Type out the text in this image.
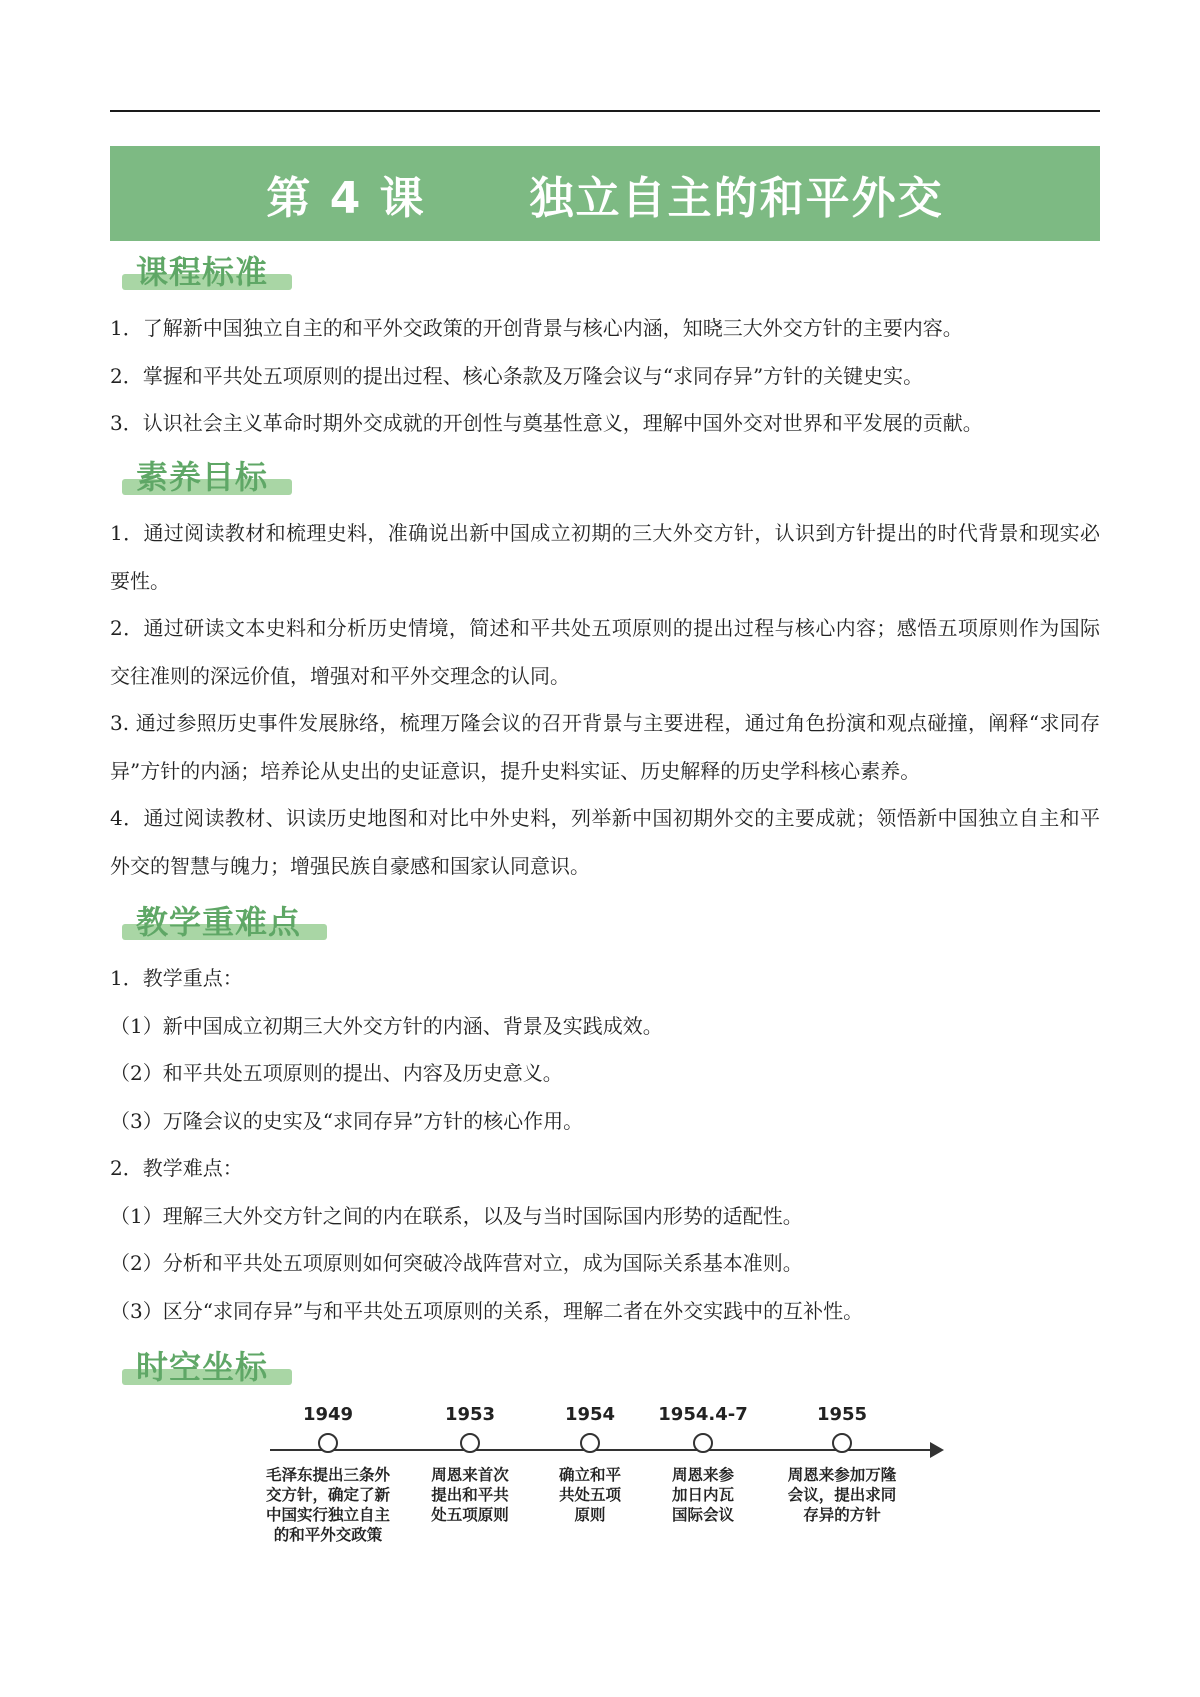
第 4 课      独立自主的和平外交
课程标准

1．了解新中国独立自主的和平外交政策的开创背景与核心内涵，知晓三大外交方针的主要内容。

2．掌握和平共处五项原则的提出过程、核心条款及万隆会议与“求同存异”方针的关键史实。

3．认识社会主义革命时期外交成就的开创性与奠基性意义，理解中国外交对世界和平发展的贡献。

素养目标

1．通过阅读教材和梳理史料，准确说出新中国成立初期的三大外交方针，认识到方针提出的时代背景和现实必要性。

2．通过研读文本史料和分析历史情境，简述和平共处五项原则的提出过程与核心内容；感悟五项原则作为国际交往准则的深远价值，增强对和平外交理念的认同。

3. 通过参照历史事件发展脉络，梳理万隆会议的召开背景与主要进程，通过角色扮演和观点碰撞，阐释“求同存异”方针的内涵；培养论从史出的史证意识，提升史料实证、历史解释的历史学科核心素养。

4．通过阅读教材、识读历史地图和对比中外史料，列举新中国初期外交的主要成就；领悟新中国独立自主和平外交的智慧与魄力；增强民族自豪感和国家认同意识。

教学重难点

1．教学重点：

（1）新中国成立初期三大外交方针的内涵、背景及实践成效。

（2）和平共处五项原则的提出、内容及历史意义。

（3）万隆会议的史实及“求同存异”方针的核心作用。

2．教学难点：

（1）理解三大外交方针之间的内在联系，以及与当时国际国内形势的适配性。

（2）分析和平共处五项原则如何突破冷战阵营对立，成为国际关系基本准则。

（3）区分“求同存异”与和平共处五项原则的关系，理解二者在外交实践中的互补性。

时空坐标
1949
毛泽东提出三条外
交方针，确定了新
中国实行独立自主
的和平外交政策
1953
周恩来首次
提出和平共
处五项原则
1954
确立和平
共处五项
原则
1954.4-7
周恩来参
加日内瓦
国际会议
1955
周恩来参加万隆
会议，提出求同
存异的方针
